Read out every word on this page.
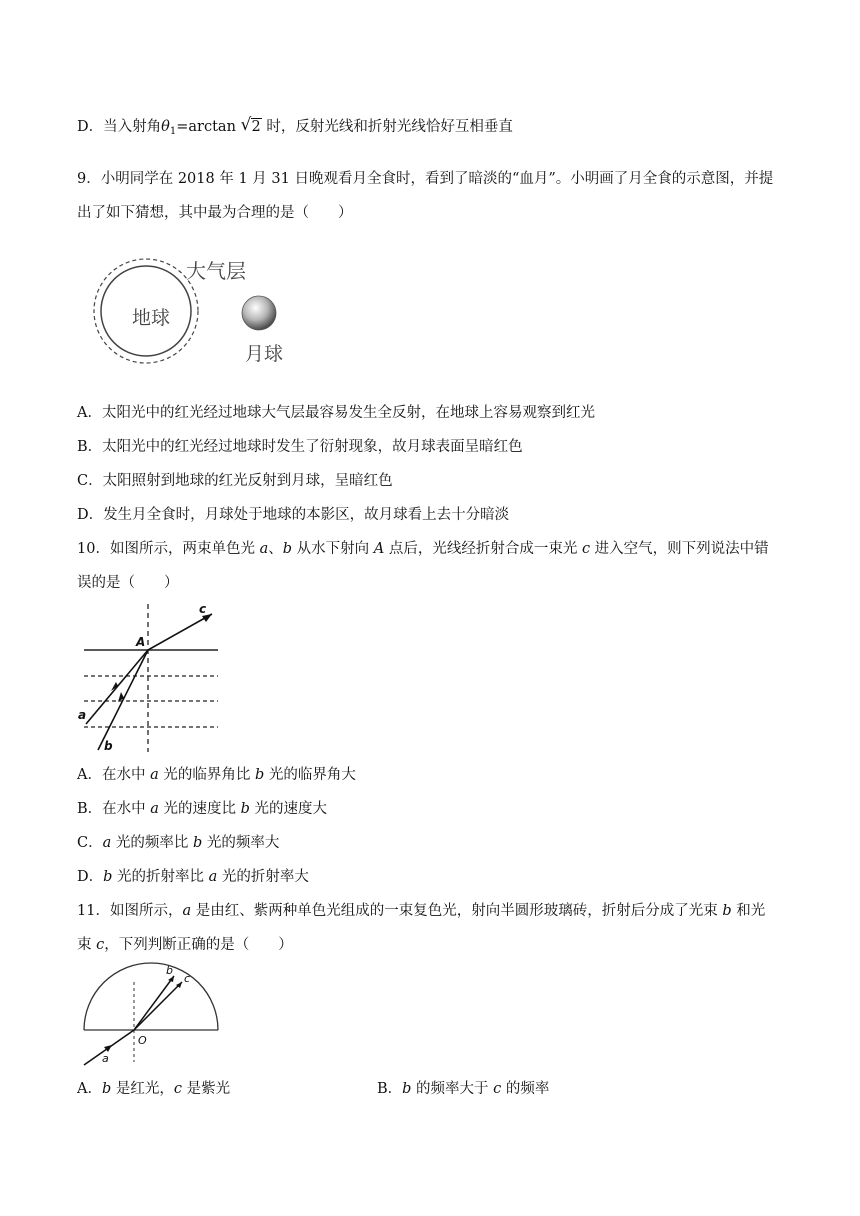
D．当入射角$\theta_1=\arctan$ √ 2 时，反射光线和折射光线恰好互相垂直
9．小明同学在 2018 年 1 月 31 日晚观看月全食时，看到了暗淡的“血月”。小明画了月全食的示意图，并提
出了如下猜想，其中最为合理的是（　　）
大气层
地球
月球
A．太阳光中的红光经过地球大气层最容易发生全反射，在地球上容易观察到红光
B．太阳光中的红光经过地球时发生了衍射现象，故月球表面呈暗红色
C．太阳照射到地球的红光反射到月球，呈暗红色
D．发生月全食时，月球处于地球的本影区，故月球看上去十分暗淡
10．如图所示，两束单色光 a、b 从水下射向 A 点后，光线经折射合成一束光 c 进入空气，则下列说法中错
误的是（　　）
c
A
a
b
A．在水中 a 光的临界角比 b 光的临界角大
B．在水中 a 光的速度比 b 光的速度大
C．a 光的频率比 b 光的频率大
D．b 光的折射率比 a 光的折射率大
11．如图所示，a 是由红、紫两种单色光组成的一束复色光，射向半圆形玻璃砖，折射后分成了光束 b 和光
束 c，下列判断正确的是（　　）
b
c
O
a
A．b 是红光，c 是紫光	B．b 的频率大于 c 的频率
